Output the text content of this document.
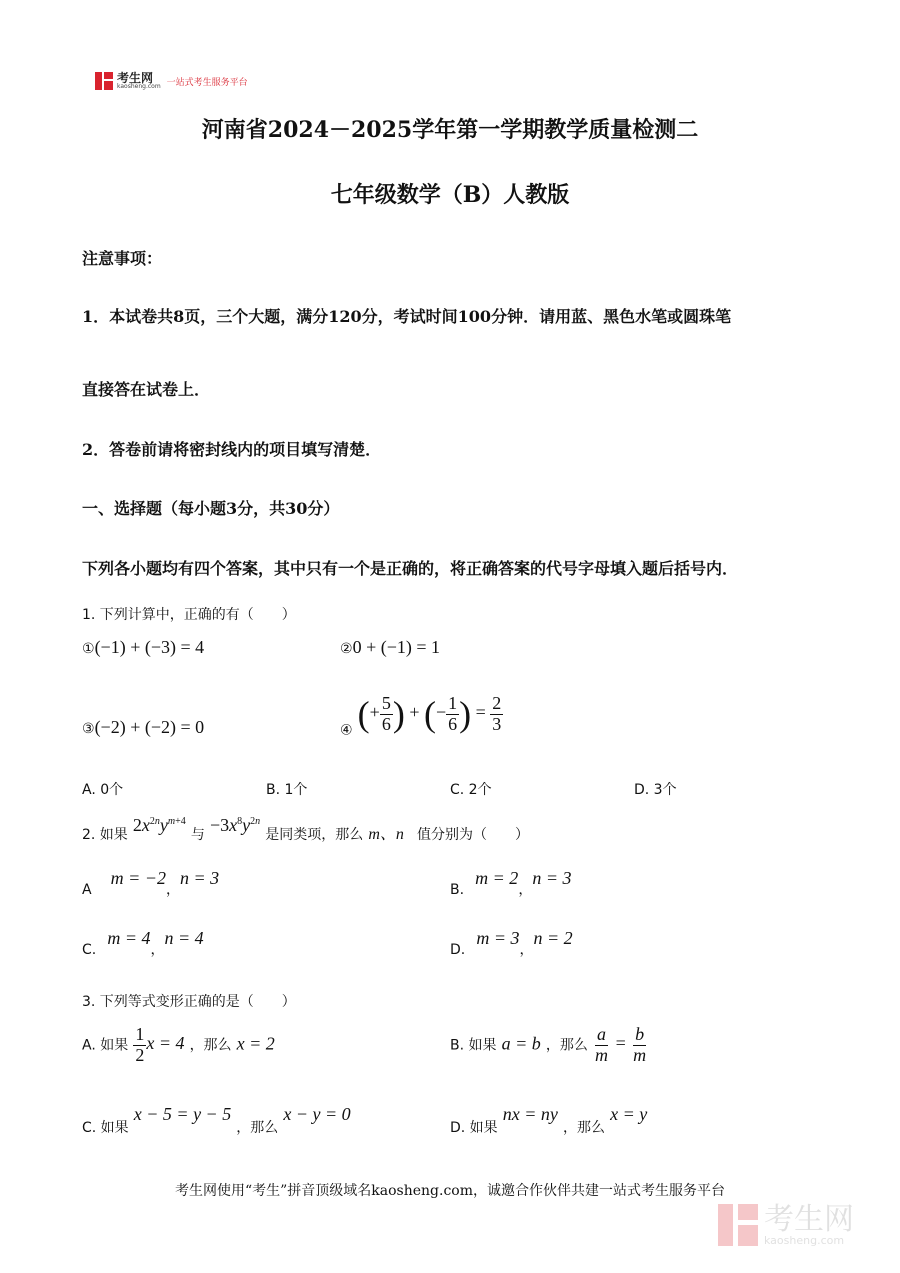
考生网
kaosheng.com 一站式考生服务平台
河南省2024－2025学年第一学期教学质量检测二
七年级数学（B）人教版
注意事项：
1．本试卷共8页，三个大题，满分120分，考试时间100分钟．请用蓝、黑色水笔或圆珠笔
直接答在试卷上．
2．答卷前请将密封线内的项目填写清楚．
一、选择题（每小题3分，共30分）
下列各小题均有四个答案，其中只有一个是正确的，将正确答案的代号字母填入题后括号内．
1. 下列计算中，正确的有（　　）
①(−1) + (−3) = 4	②0 + (−1) = 1
③(−2) + (−2) = 0	④ (+ $\frac{5}{6}$ ) + (− $\frac{1}{6}$ ) = $\frac{2}{3}$
A. 0个	B. 1个	C. 2个	D. 3个
2. 如果 $2x^{2n}y^{m+4}$ 与 $-3x^8y^{2n}$ 是同类项，那么 m、n 值分别为（　　）
A m = −2，n = 3
B. m = 2，n = 3
C. m = 4，n = 4
D. m = 3，n = 2
3. 下列等式变形正确的是（　　）
A. 如果 $\frac{1}{2}$ x = 4 ，那么 x = 2	B. 如果 a = b ，那么 $\frac{a}{m} = \frac{b}{m}$
C. 如果 x − 5 = y − 5 ，那么 x − y = 0
D. 如果 nx = ny ，那么 x = y
考生网使用“考生”拼音顶级域名kaosheng.com，诚邀合作伙伴共建一站式考生服务平台
考生网
kaosheng.com
